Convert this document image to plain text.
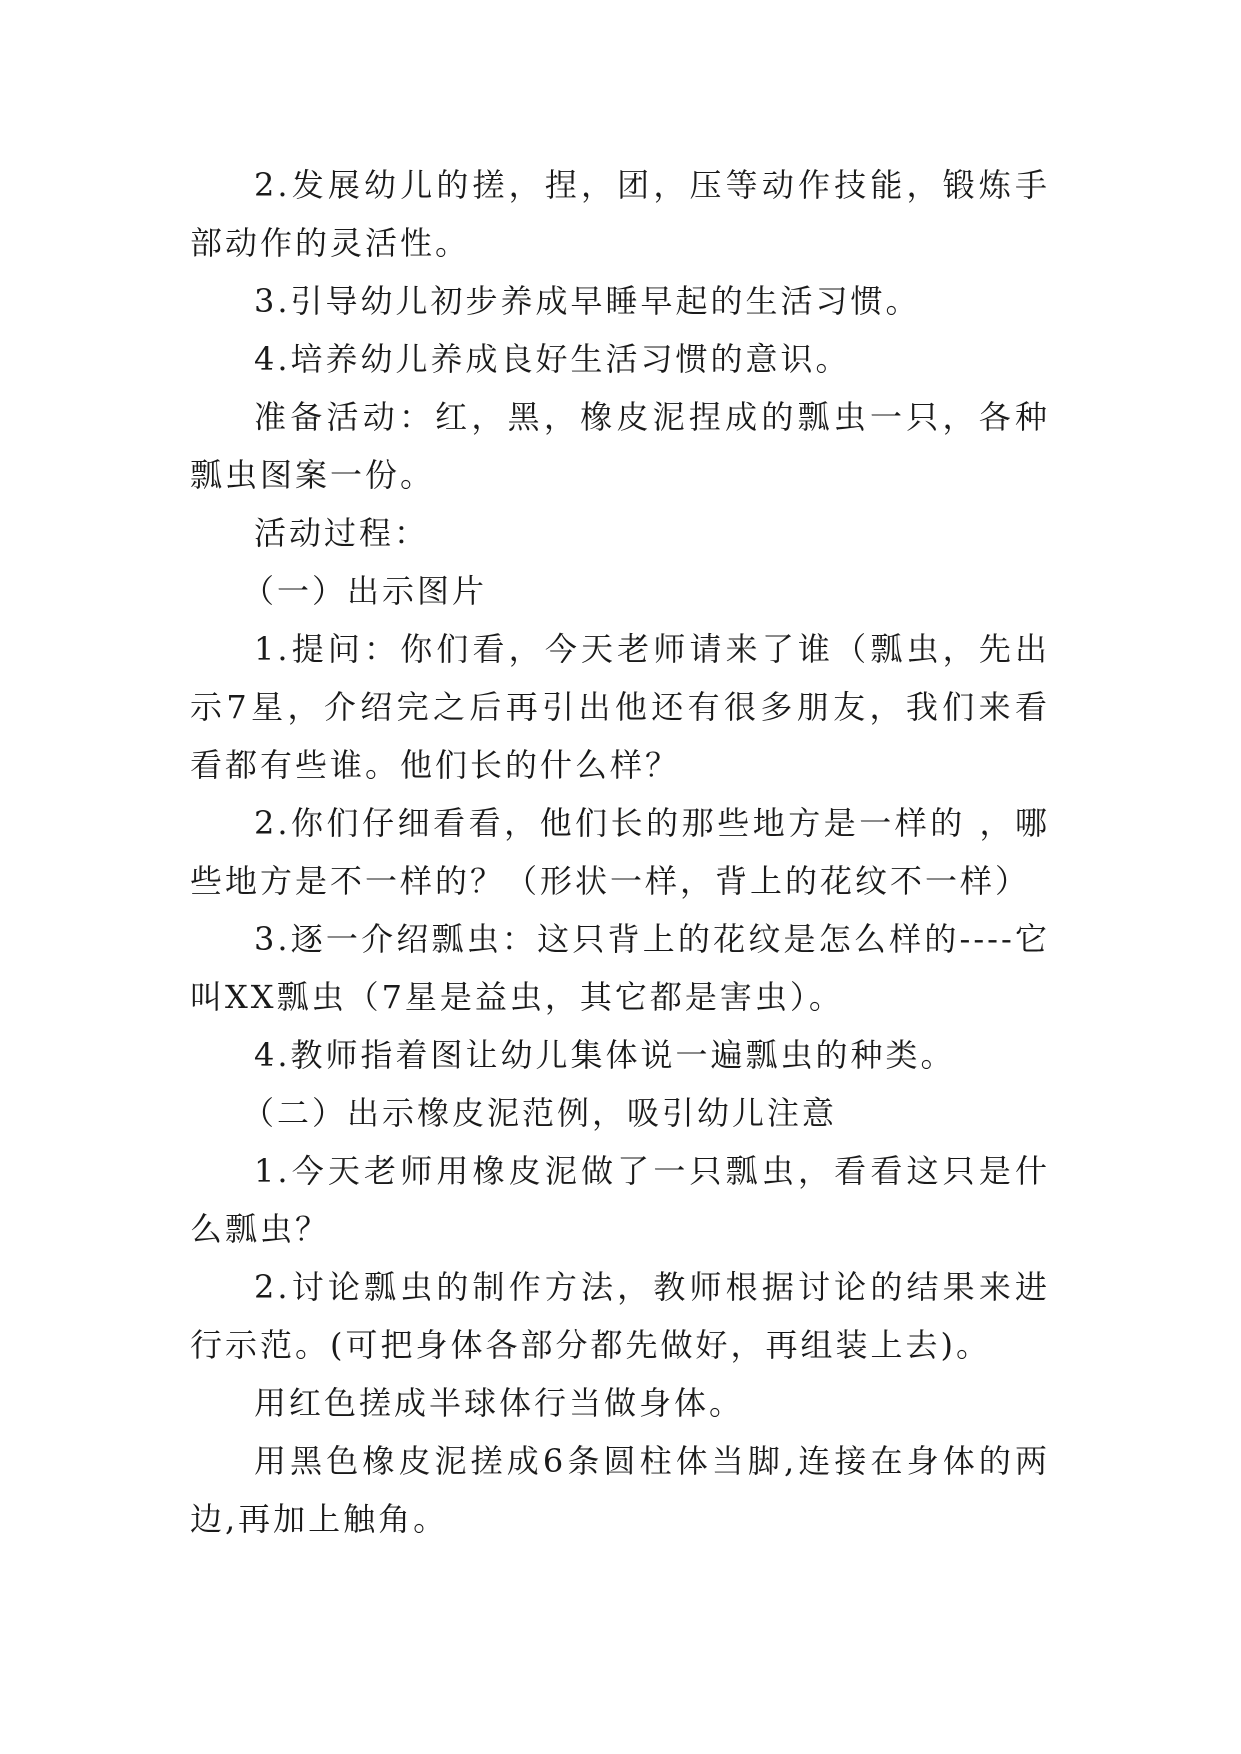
2.发展幼儿的搓，捏，团，压等动作技能，锻炼手部动作的灵活性。

3.引导幼儿初步养成早睡早起的生活习惯。

4.培养幼儿养成良好生活习惯的意识。

准备活动：红，黑，橡皮泥捏成的瓢虫一只，各种瓢虫图案一份。

活动过程：

（一）出示图片

1.提问：你们看，今天老师请来了谁（瓢虫，先出示7星，介绍完之后再引出他还有很多朋友，我们来看看都有些谁。他们长的什么样？

2.你们仔细看看，他们长的那些地方是一样的 ，哪些地方是不一样的？（形状一样，背上的花纹不一样）

3.逐一介绍瓢虫：这只背上的花纹是怎么样的----它叫XX瓢虫（7星是益虫，其它都是害虫）。

4.教师指着图让幼儿集体说一遍瓢虫的种类。

（二）出示橡皮泥范例，吸引幼儿注意

1.今天老师用橡皮泥做了一只瓢虫，看看这只是什么瓢虫？

2.讨论瓢虫的制作方法，教师根据讨论的结果来进行示范。(可把身体各部分都先做好，再组装上去)。

用红色搓成半球体行当做身体。

用黑色橡皮泥搓成6条圆柱体当脚,连接在身体的两边,再加上触角。
